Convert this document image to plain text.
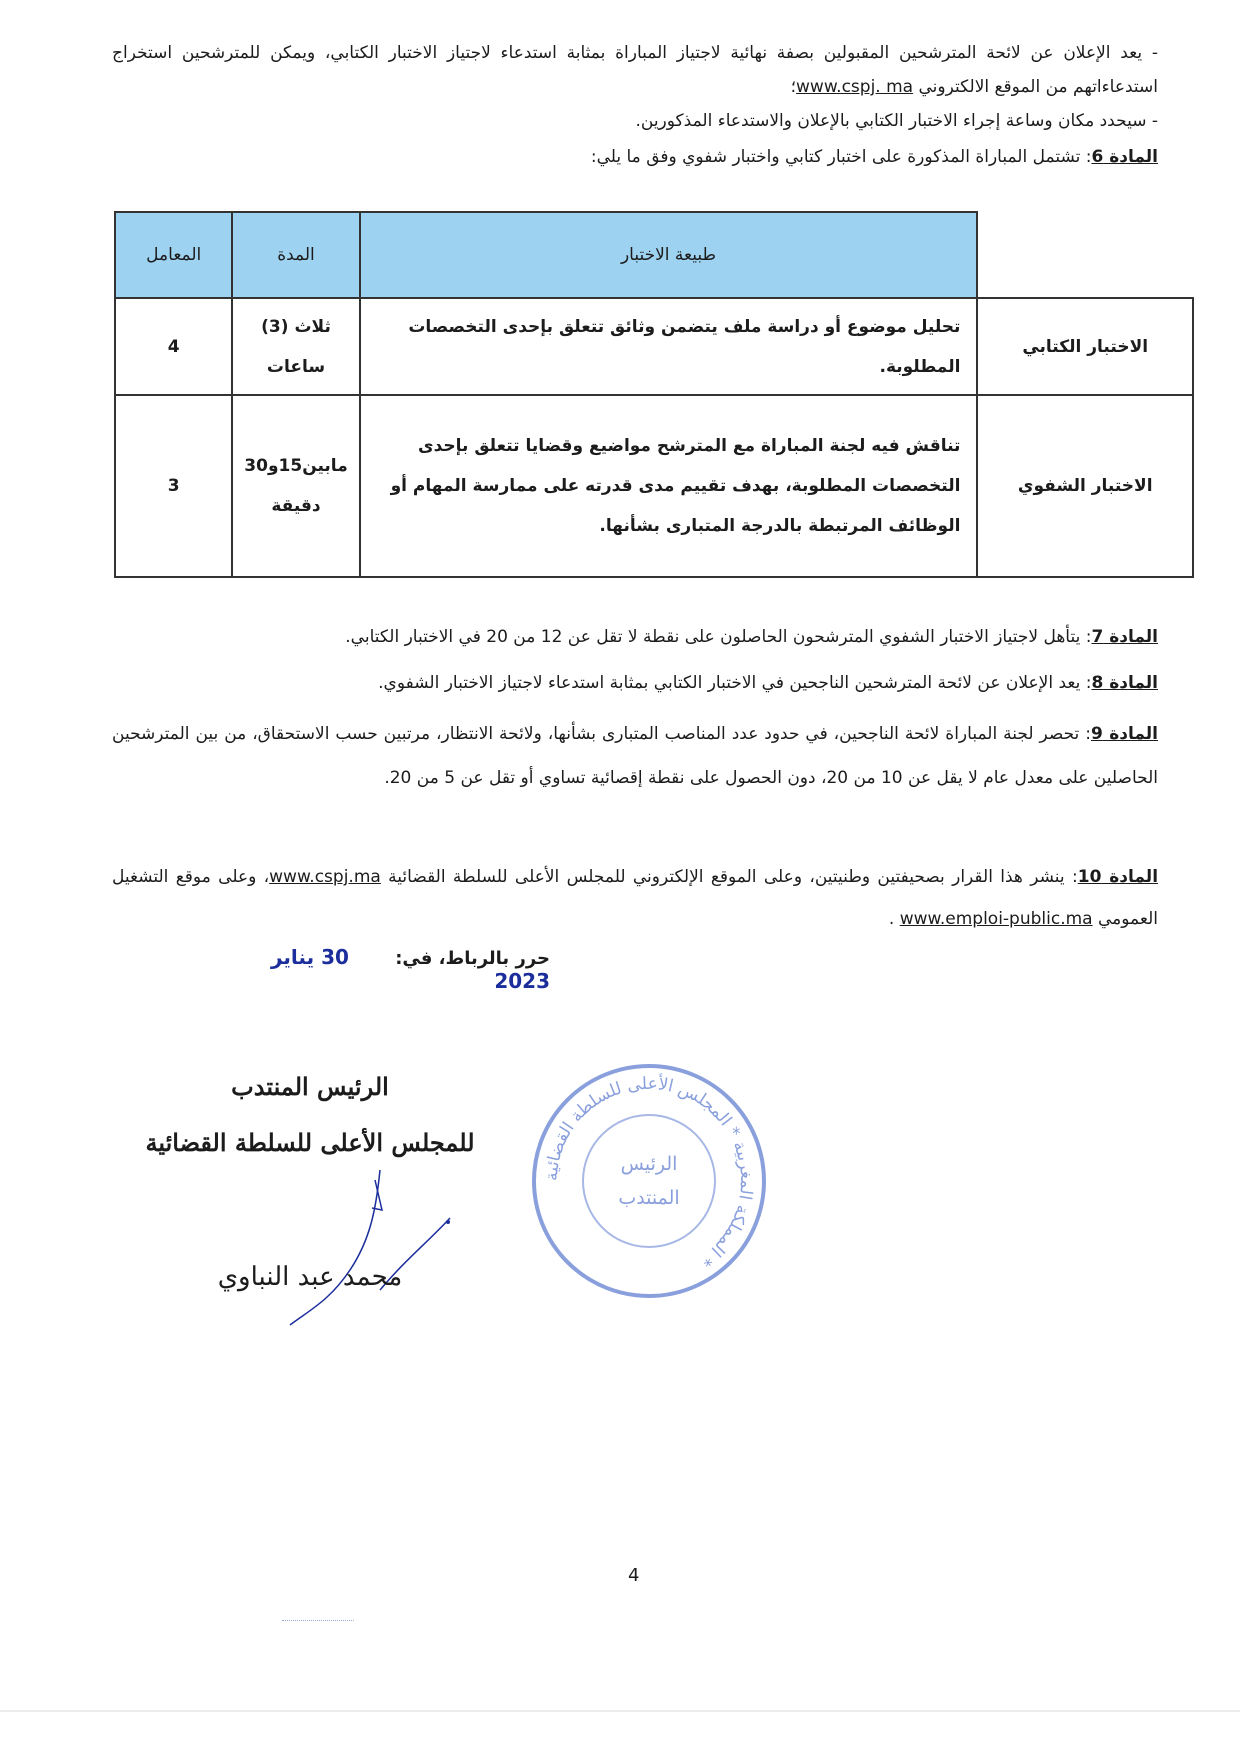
- يعد الإعلان عن لائحة المترشحين المقبولين بصفة نهائية لاجتياز المباراة بمثابة استدعاء لاجتياز الاختبار الكتابي، ويمكن للمترشحين استخراج استدعاءاتهم من الموقع الالكتروني www.cspj. ma؛
- سيحدد مكان وساعة إجراء الاختبار الكتابي بالإعلان والاستدعاء المذكورين.
المادة 6: تشتمل المباراة المذكورة على اختبار كتابي واختبار شفوي وفق ما يلي:
	طبيعة الاختبار	المدة	المعامل
الاختبار الكتابي	تحليل موضوع أو دراسة ملف يتضمن وثائق تتعلق بإحدى التخصصات المطلوبة.	ثلاث (3) ساعات	4
الاختبار الشفوي	تناقش فيه لجنة المباراة مع المترشح مواضيع وقضايا تتعلق بإحدى التخصصات المطلوبة، بهدف تقييم مدى قدرته على ممارسة المهام أو الوظائف المرتبطة بالدرجة المتبارى بشأنها.	مابين15و30 دقيقة	3
المادة 7: يتأهل لاجتياز الاختبار الشفوي المترشحون الحاصلون على نقطة لا تقل عن 12 من 20 في الاختبار الكتابي.
المادة 8: يعد الإعلان عن لائحة المترشحين الناجحين في الاختبار الكتابي بمثابة استدعاء لاجتياز الاختبار الشفوي.
المادة 9: تحصر لجنة المباراة لائحة الناجحين، في حدود عدد المناصب المتبارى بشأنها، ولائحة الانتظار، مرتبين حسب الاستحقاق، من بين المترشحين الحاصلين على معدل عام لا يقل عن 10 من 20، دون الحصول على نقطة إقصائية تساوي أو تقل عن 5 من 20.
المادة 10: ينشر هذا القرار بصحيفتين وطنيتين، وعلى الموقع الإلكتروني للمجلس الأعلى للسلطة القضائية www.cspj.ma، وعلى موقع التشغيل العمومي www.emploi-public.ma .
حرر بالرباط، في: 30 يناير 2023
الرئيس المنتدب
للمجلس الأعلى للسلطة القضائية
محمد عبد النباوي
المملكة المغربية * المجلس الأعلى للسلطة القضائية *
الرئيس
المنتدب
4
